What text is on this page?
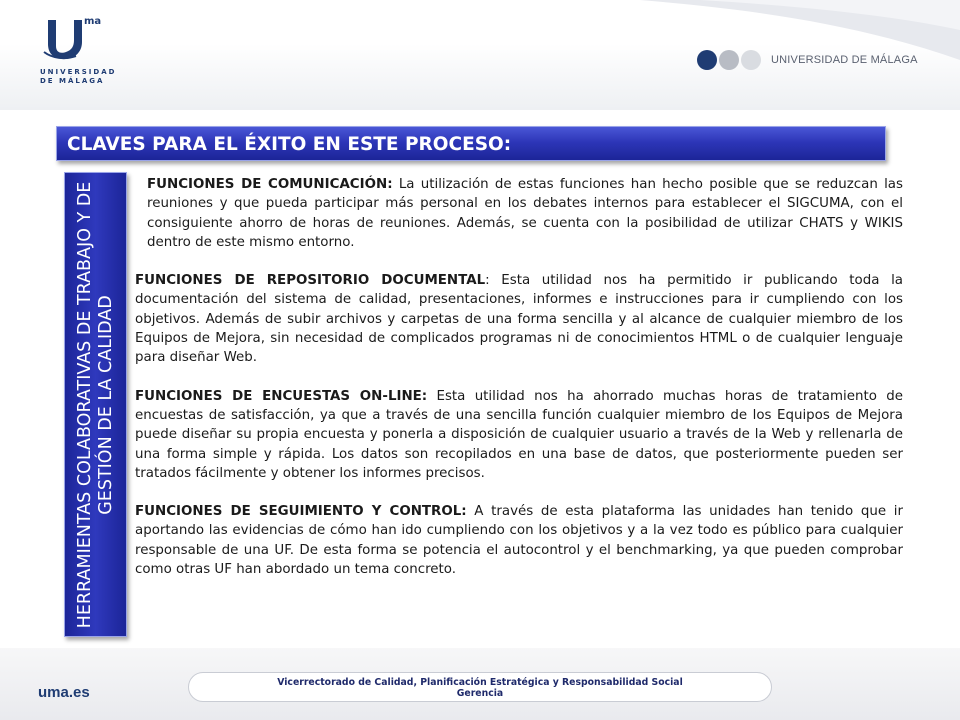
ma
UNIVERSIDAD
DE MÁLAGA
UNIVERSIDAD DE MÁLAGA
CLAVES PARA EL ÉXITO EN ESTE PROCESO:
HERRAMIENTAS COLABORATIVAS DE TRABAJO Y DE GESTIÓN DE LA CALIDAD

FUNCIONES DE COMUNICACIÓN: La utilización de estas funciones han hecho posible que se reduzcan las reuniones y que pueda participar más personal en los debates internos para establecer el SIGCUMA, con el consiguiente ahorro de horas de reuniones. Además, se cuenta con la posibilidad de utilizar CHATS y WIKIS dentro de este mismo entorno.

FUNCIONES DE REPOSITORIO DOCUMENTAL: Esta utilidad nos ha permitido ir publicando toda la documentación del sistema de calidad, presentaciones, informes e instrucciones para ir cumpliendo con los objetivos. Además de subir archivos y carpetas de una forma sencilla y al alcance de cualquier miembro de los Equipos de Mejora, sin necesidad de complicados programas ni de conocimientos HTML o de cualquier lenguaje para diseñar Web.

FUNCIONES DE ENCUESTAS ON-LINE: Esta utilidad nos ha ahorrado muchas horas de tratamiento de encuestas de satisfacción, ya que a través de una sencilla función cualquier miembro de los Equipos de Mejora puede diseñar su propia encuesta y ponerla a disposición de cualquier usuario a través de la Web y rellenarla de una forma simple y rápida. Los datos son recopilados en una base de datos, que posteriormente pueden ser tratados fácilmente y obtener los informes precisos.

FUNCIONES DE SEGUIMIENTO Y CONTROL: A través de esta plataforma las unidades han tenido que ir aportando las evidencias de cómo han ido cumpliendo con los objetivos y a la vez todo es público para cualquier responsable de una UF. De esta forma se potencia el autocontrol y el benchmarking, ya que pueden comprobar como otras UF han abordado un tema concreto.

uma.es
Vicerrectorado de Calidad, Planificación Estratégica y Responsabilidad Social
Gerencia
